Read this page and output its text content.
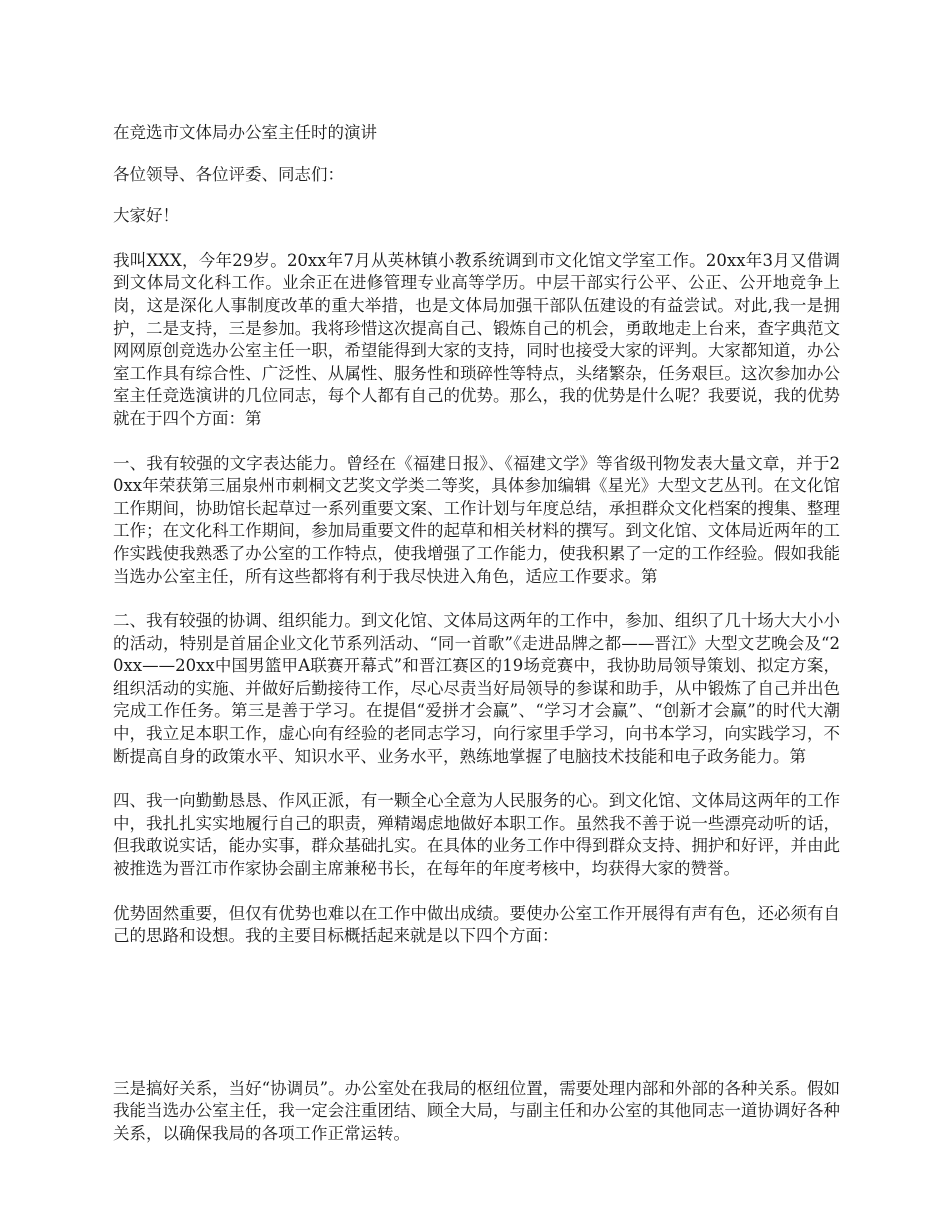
在竞选市文体局办公室主任时的演讲

各位领导、各位评委、同志们：

大家好！

我叫XXX，今年29岁。20xx年7月从英林镇小教系统调到市文化馆文学室工作。20xx年3月又借调到文体局文化科工作。业余正在进修管理专业高等学历。中层干部实行公平、公正、公开地竞争上岗，这是深化人事制度改革的重大举措，也是文体局加强干部队伍建设的有益尝试。对此,我一是拥护，二是支持，三是参加。我将珍惜这次提高自己、锻炼自己的机会，勇敢地走上台来，查字典范文网网原创竞选办公室主任一职，希望能得到大家的支持，同时也接受大家的评判。大家都知道，办公室工作具有综合性、广泛性、从属性、服务性和琐碎性等特点，头绪繁杂，任务艰巨。这次参加办公室主任竞选演讲的几位同志，每个人都有自己的优势。那么，我的优势是什么呢？我要说，我的优势就在于四个方面：第

一、我有较强的文字表达能力。曾经在《福建日报》、《福建文学》等省级刊物发表大量文章，并于20xx年荣获第三届泉州市刺桐文艺奖文学类二等奖，具体参加编辑《星光》大型文艺丛刊。在文化馆工作期间，协助馆长起草过一系列重要文案、工作计划与年度总结，承担群众文化档案的搜集、整理工作；在文化科工作期间，参加局重要文件的起草和相关材料的撰写。到文化馆、文体局近两年的工作实践使我熟悉了办公室的工作特点，使我增强了工作能力，使我积累了一定的工作经验。假如我能当选办公室主任，所有这些都将有利于我尽快进入角色，适应工作要求。第

二、我有较强的协调、组织能力。到文化馆、文体局这两年的工作中，参加、组织了几十场大大小小的活动，特别是首届企业文化节系列活动、“同一首歌”《走进品牌之都——晋江》大型文艺晚会及“20xx——20xx中国男篮甲A联赛开幕式”和晋江赛区的19场竞赛中，我协助局领导策划、拟定方案，组织活动的实施、并做好后勤接待工作，尽心尽责当好局领导的参谋和助手，从中锻炼了自己并出色完成工作任务。第三是善于学习。在提倡“爱拼才会赢”、“学习才会赢”、“创新才会赢”的时代大潮中，我立足本职工作，虚心向有经验的老同志学习，向行家里手学习，向书本学习，向实践学习，不断提高自身的政策水平、知识水平、业务水平，熟练地掌握了电脑技术技能和电子政务能力。第

四、我一向勤勤恳恳、作风正派，有一颗全心全意为人民服务的心。到文化馆、文体局这两年的工作中，我扎扎实实地履行自己的职责，殚精竭虑地做好本职工作。虽然我不善于说一些漂亮动听的话，但我敢说实话，能办实事，群众基础扎实。在具体的业务工作中得到群众支持、拥护和好评，并由此被推选为晋江市作家协会副主席兼秘书长，在每年的年度考核中，均获得大家的赞誉。

优势固然重要，但仅有优势也难以在工作中做出成绩。要使办公室工作开展得有声有色，还必须有自己的思路和设想。我的主要目标概括起来就是以下四个方面：

三是搞好关系，当好“协调员”。办公室处在我局的枢纽位置，需要处理内部和外部的各种关系。假如我能当选办公室主任，我一定会注重团结、顾全大局，与副主任和办公室的其他同志一道协调好各种关系，以确保我局的各项工作正常运转。
